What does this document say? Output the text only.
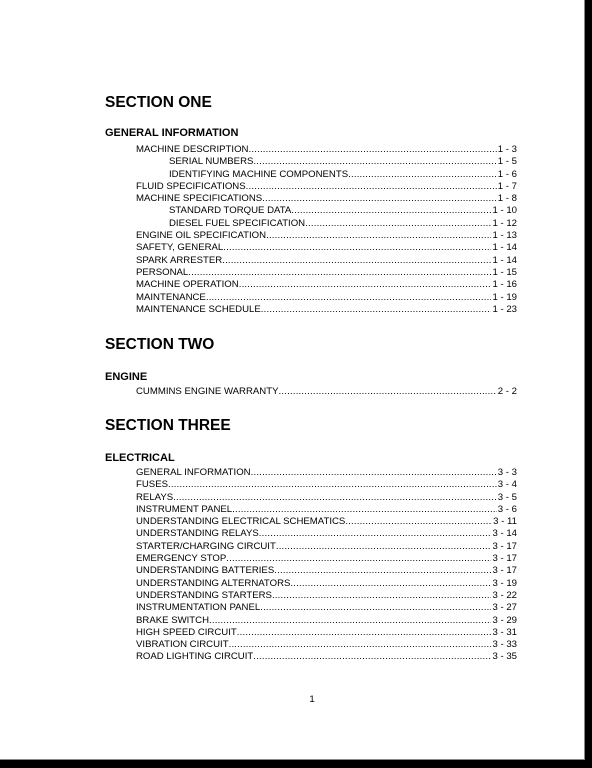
SECTION ONE
GENERAL INFORMATION
MACHINE DESCRIPTION .....	1 - 3
SERIAL NUMBERS .....	1 - 5
IDENTIFYING MACHINE COMPONENTS .....	1 - 6
FLUID SPECIFICATIONS .....	1 - 7
MACHINE SPECIFICATIONS .....	1 - 8
STANDARD TORQUE DATA .....	1 - 10
DIESEL FUEL SPECIFICATION .....	1 - 12
ENGINE OIL SPECIFICATION .....	1 - 13
SAFETY, GENERAL .....	1 - 14
SPARK ARRESTER .....	1 - 14
PERSONAL .....	1 - 15
MACHINE OPERATION .....	1 - 16
MAINTENANCE .....	1 - 19
MAINTENANCE SCHEDULE .....	1 - 23
SECTION TWO
ENGINE
CUMMINS ENGINE WARRANTY .....	2 - 2
SECTION THREE
ELECTRICAL
GENERAL INFORMATION .....	3 - 3
FUSES .....	3 - 4
RELAYS .....	3 - 5
INSTRUMENT PANEL .....	3 - 6
UNDERSTANDING ELECTRICAL SCHEMATICS .....	3 - 11
UNDERSTANDING RELAYS .....	3 - 14
STARTER/CHARGING CIRCUIT .....	3 - 17
EMERGENCY STOP .....	3 - 17
UNDERSTANDING BATTERIES .....	3 - 17
UNDERSTANDING ALTERNATORS .....	3 - 19
UNDERSTANDING STARTERS .....	3 - 22
INSTRUMENTATION PANEL .....	3 - 27
BRAKE SWITCH .....	3 - 29
HIGH SPEED CIRCUIT .....	3 - 31
VIBRATION CIRCUIT .....	3 - 33
ROAD LIGHTING CIRCUIT .....	3 - 35
1
